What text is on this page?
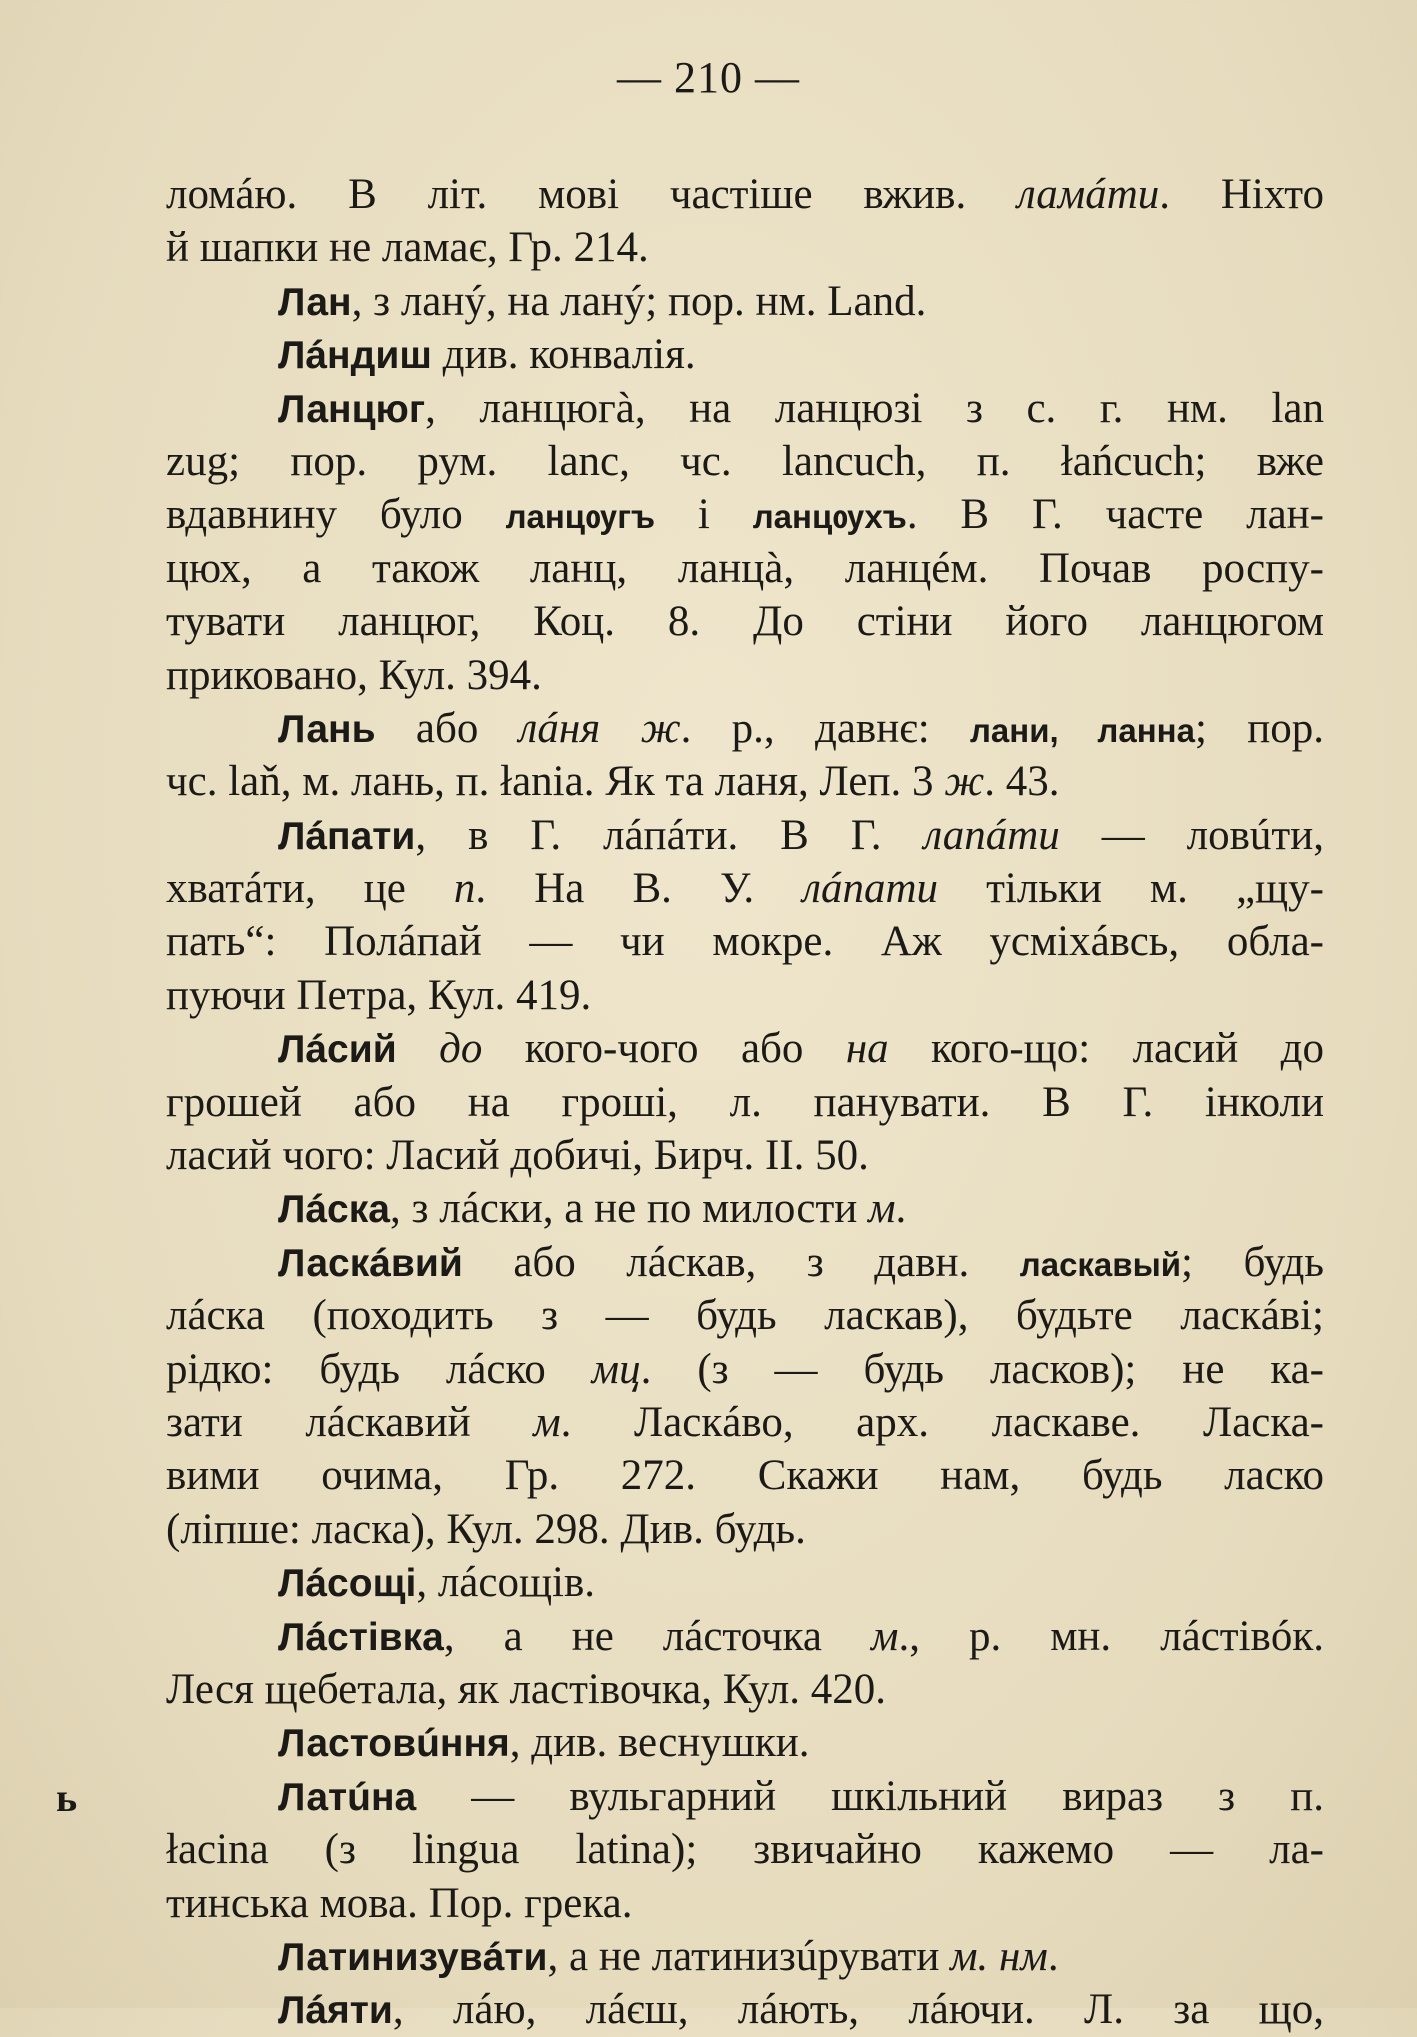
— 210 —
ломáю. В літ. мові частіше вжив. ламáти. Ніхто
й шапки не ламає, Гр. 214.
Лан, з ланý, на ланý; пор. нм. Land.
Лáндиш див. конвалія.
Ланцюг, ланцюгà, на ланцюзі з с. г. нм. lan
zug; пор. рум. lanc, чс. lancuch, п. łańcuch; вже
вдавнину було ланцѹгъ і ланцѹхъ. В Г. часте лан-
цюх, а також ланц, ланцà, ланцéм. Почав роспу-
тувати ланцюг, Коц. 8. До стіни його ланцюгом
приковано, Кул. 394.
Лань або лáня ж. р., давнє: лани, ланна; пор.
чс. laň, м. лань, п. łania. Як та ланя, Леп. 3 ж. 43.
Лáпати, в Г. лáпáти. В Г. лапáти — ловúти,
хватáти, це п. На В. У. лáпати тільки м. „щу-
пать“: Полáпай — чи мокре. Аж усміхáвсь, обла-
пуючи Петра, Кул. 419.
Лáсий до кого-чого або на кого-що: ласий до
грошей або на гроші, л. панувати. В Г. інколи
ласий чого: Ласий добичі, Бирч. II. 50.
Лáска, з лáски, а не по милости м.
Ласкáвий або лáскав, з давн. ласкавый; будь
лáска (походить з — будь ласкав), будьте ласкáві;
рідко: будь лáско мц. (з — будь ласков); не ка-
зати лáскавий м. Ласкáво, арх. ласкаве. Ласка-
вими очима, Гр. 272. Скажи нам, будь ласко
(ліпше: ласка), Кул. 298. Див. будь.
Лáсощі, лáсощів.
Лáстівка, а не лáсточка м., р. мн. лáстівóк.
Леся щебетала, як ластівочка, Кул. 420.
Ластовúння, див. веснушки.
Латúна — вульгарний шкільний вираз з п.
łacina (з lingua latina); звичайно кажемо — ла-
тинська мова. Пор. грека.
Латинизувáти, а не латинизúрувати м. нм.
Лáяти, лáю, лáєш, лáють, лáючи. Л. за що,
ь
